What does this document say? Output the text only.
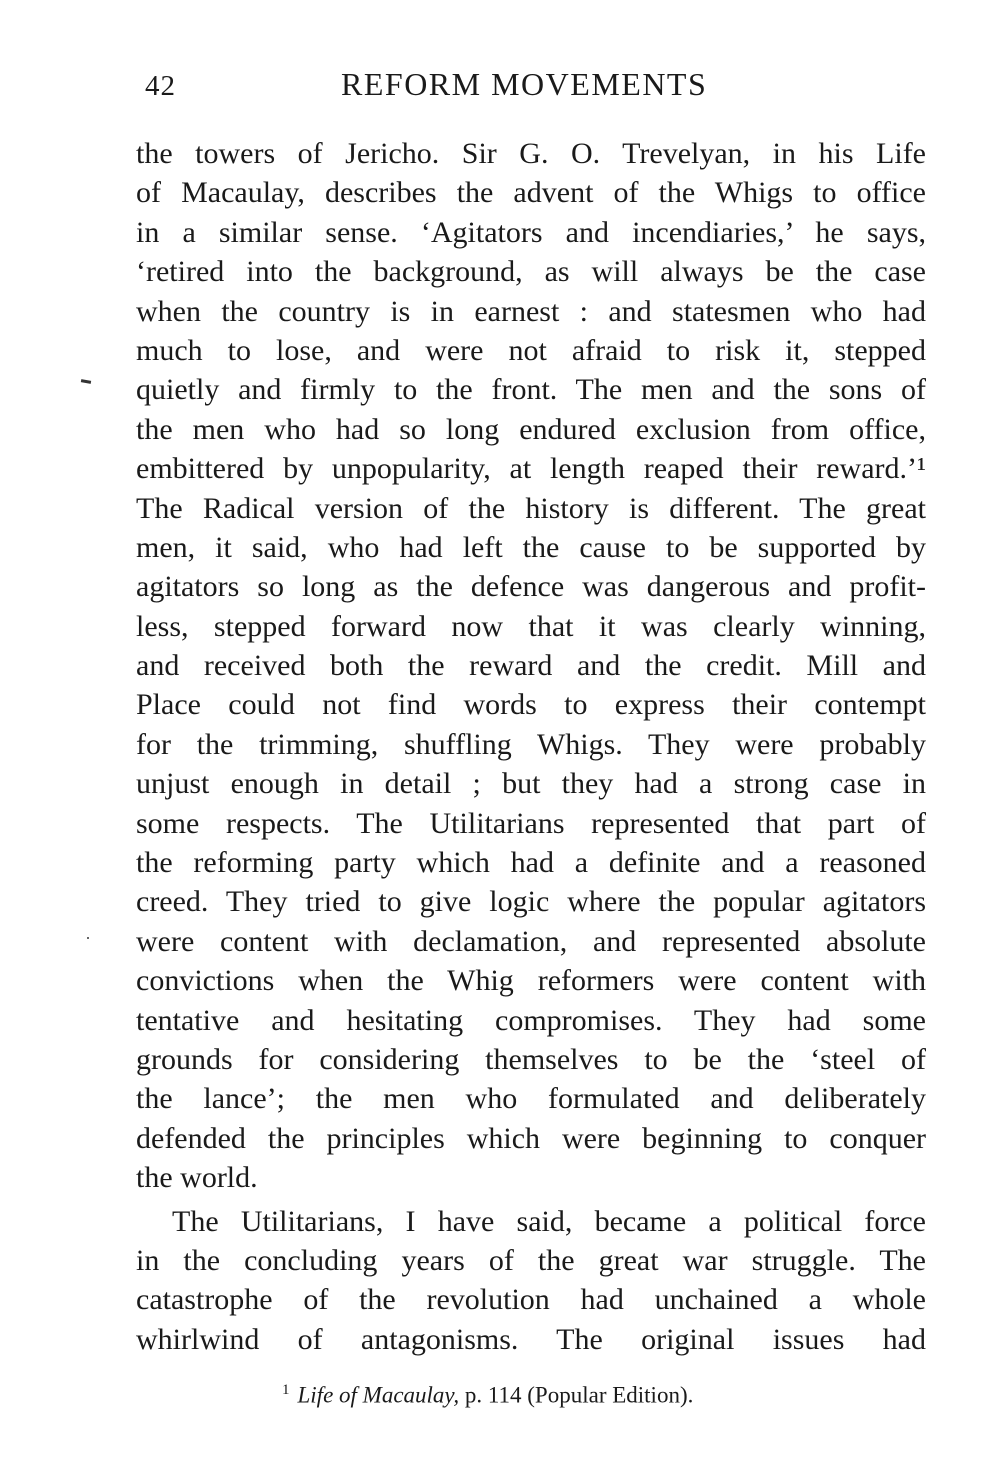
42	REFORM MOVEMENTS
the towers of Jericho. Sir G. O. Trevelyan, in his Life
of Macaulay, describes the advent of the Whigs to office
in a similar sense. ‘Agitators and incendiaries,’ he says,
‘retired into the background, as will always be the case
when the country is in earnest : and statesmen who had
much to lose, and were not afraid to risk it, stepped
quietly and firmly to the front. The men and the sons of
the men who had so long endured exclusion from office,
embittered by unpopularity, at length reaped their reward.’¹
The Radical version of the history is different. The great
men, it said, who had left the cause to be supported by
agitators so long as the defence was dangerous and profit-
less, stepped forward now that it was clearly winning,
and received both the reward and the credit. Mill and
Place could not find words to express their contempt
for the trimming, shuffling Whigs. They were probably
unjust enough in detail ; but they had a strong case in
some respects. The Utilitarians represented that part of
the reforming party which had a definite and a reasoned
creed. They tried to give logic where the popular agitators
were content with declamation, and represented absolute
convictions when the Whig reformers were content with
tentative and hesitating compromises. They had some
grounds for considering themselves to be the ‘steel of
the lance’; the men who formulated and deliberately
defended the principles which were beginning to conquer
the world.
The Utilitarians, I have said, became a political force
in the concluding years of the great war struggle. The
catastrophe of the revolution had unchained a whole
whirlwind of antagonisms. The original issues had
$^1$ Life of Macaulay, p. 114 (Popular Edition).
